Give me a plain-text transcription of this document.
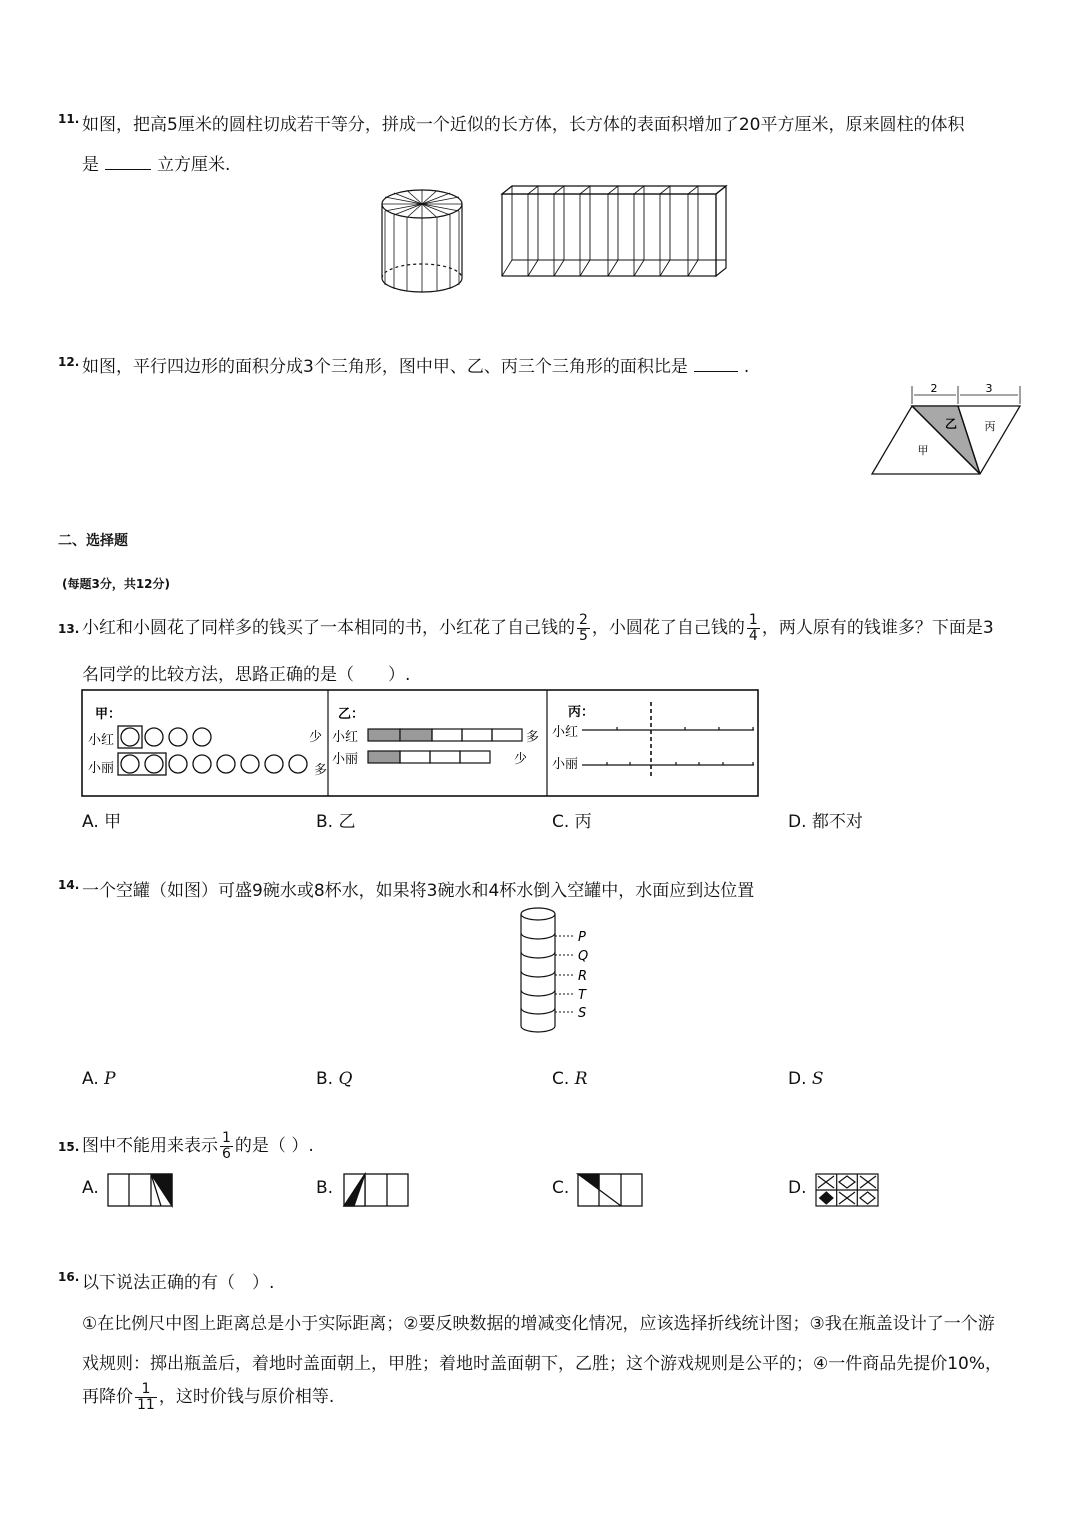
11. 如图，把高5厘米的圆柱切成若干等分，拼成一个近似的长方体，长方体的表面积增加了20平方厘米，原来圆柱的体积
是	立方厘米.
12. 如图，平行四边形的面积分成3个三角形，图中甲、乙、丙三个三角形的面积比是	.
2	3
甲
乙 丙
二、选择题
(每题3分，共12分)
13. 小红和小圆花了同样多的钱买了一本相同的书，小红花了自己钱的 $\frac{2}{5}$ ，小圆花了自己钱的 $\frac{1}{4}$ ，两人原有的钱谁多？下面是3
名同学的比较方法，思路正确的是（　　）.
甲：
小红
小丽
少
多
乙：
小红
小丽
多
少
丙：
小红
小丽
A. 甲	B. 乙	C. 丙	D. 都不对
14. 一个空罐（如图）可盛9碗水或8杯水，如果将3碗水和4杯水倒入空罐中，水面应到达位置
P
Q
R
T
S
A. P	B. Q	C. R	D. S
15. 图中不能用来表示 $\frac{1}{6}$ 的是（ ）.
A.	B.	C.	D.
16. 以下说法正确的有（　）.
①在比例尺中图上距离总是小于实际距离；②要反映数据的增减变化情况，应该选择折线统计图；③我在瓶盖设计了一个游
戏规则：掷出瓶盖后，着地时盖面朝上，甲胜；着地时盖面朝下，乙胜；这个游戏规则是公平的；④一件商品先提价10%，
再降价 $\frac{1}{11}$ ，这时价钱与原价相等.
